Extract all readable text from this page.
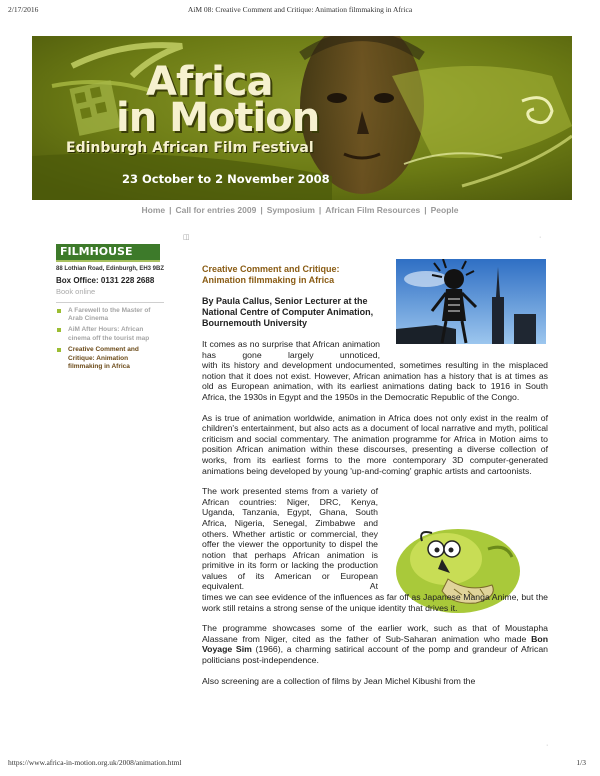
2/17/2016	AiM 08: Creative Comment and Critique: Animation filmmaking in Africa
Africa
in Motion
Edinburgh African Film Festival
23 October to 2 November 2008
Home | Call for entries 2009 | Symposium | African Film Resources | People
◫	·
FILMHOUSE
88 Lothian Road, Edinburgh, EH3 9BZ
Box Office: 0131 228 2688
Book online
A Farewell to the Master of Arab Cinema
AiM After Hours: African cinema off the tourist map
Creative Comment and Critique: Animation filmmaking in Africa
Creative Comment and Critique: Animation filmmaking in Africa
By Paula Callus, Senior Lecturer at the National Centre of Computer Animation, Bournemouth University
It comes as no surprise that African animation has gone largely unnoticed,
with its history and development undocumented, sometimes resulting in the misplaced notion that it does not exist. However, African animation has a history that is at times as old as European animation, with its earliest animations dating back to 1916 in South Africa, the 1930s in Egypt and the 1950s in the Democratic Republic of the Congo.
As is true of animation worldwide, animation in Africa does not only exist in the realm of children's entertainment, but also acts as a document of local narrative and myth, political criticism and social commentary. The animation programme for Africa in Motion aims to position African animation within these discourses, presenting a diverse collection of works, from its earliest forms to the more contemporary 3D computer-generated animations being developed by young 'up-and-coming' graphic artists and cartoonists.
The work presented stems from a variety of African countries: Niger, DRC, Kenya, Uganda, Tanzania, Egypt, Ghana, South Africa, Nigeria, Senegal, Zimbabwe and others. Whether artistic or commercial, they offer the viewer the opportunity to dispel the notion that perhaps African animation is primitive in its form or lacking the production values of its American or European equivalent. At
times we can see evidence of the influences as far off as Japanese Manga Anime, but the work still retains a strong sense of the unique identity that drives it.
The programme showcases some of the earlier work, such as that of Moustapha Alassane from Niger, cited as the father of Sub-Saharan animation who made Bon Voyage Sim (1966), a charming satirical account of the pomp and grandeur of African politicians post-independence.
Also screening are a collection of films by Jean Michel Kibushi from the
·
https://www.africa-in-motion.org.uk/2008/animation.html	1/3
